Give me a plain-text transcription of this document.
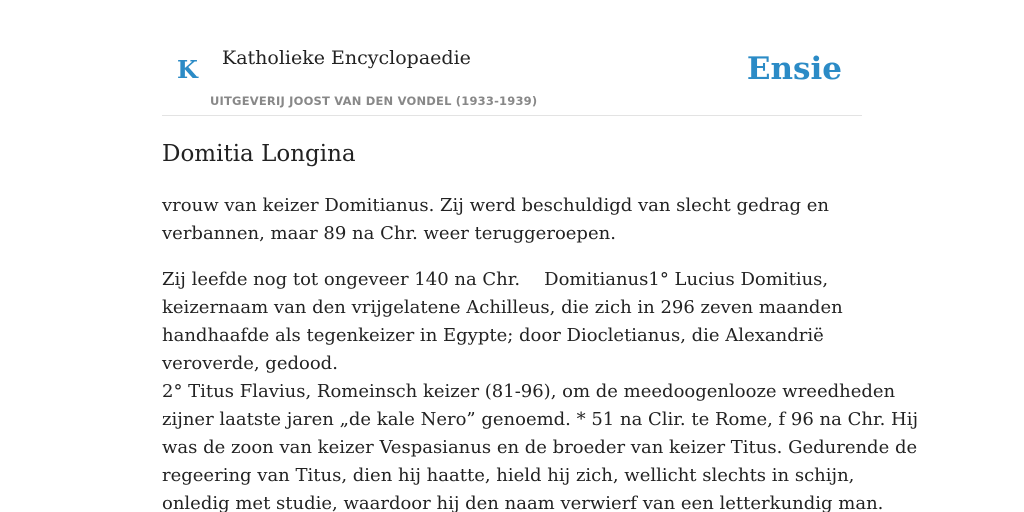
K Katholieke Encyclopaedie
UITGEVERIJ JOOST VAN DEN VONDEL (1933-1939)
Ensie
Domitia Longina

vrouw van keizer Domitianus. Zij werd beschuldigd van slecht gedrag en
verbannen, maar 89 na Chr. weer teruggeroepen.

Zij leefde nog tot ongeveer 140 na Chr. Domitianus1° Lucius Domitius,
keizernaam van den vrijgelatene Achilleus, die zich in 296 zeven maanden
handhaafde als tegenkeizer in Egypte; door Diocletianus, die Alexandrië
veroverde, gedood.
2° Titus Flavius, Romeinsch keizer (81-96), om de meedoogenlooze wreedheden
zijner laatste jaren „de kale Nero” genoemd. * 51 na Clir. te Rome, f 96 na Chr. Hij
was de zoon van keizer Vespasianus en de broeder van keizer Titus. Gedurende de
regeering van Titus, dien hij haatte, hield hij zich, wellicht slechts in schijn,
onledig met studie, waardoor hij den naam verwierf van een letterkundig man.
